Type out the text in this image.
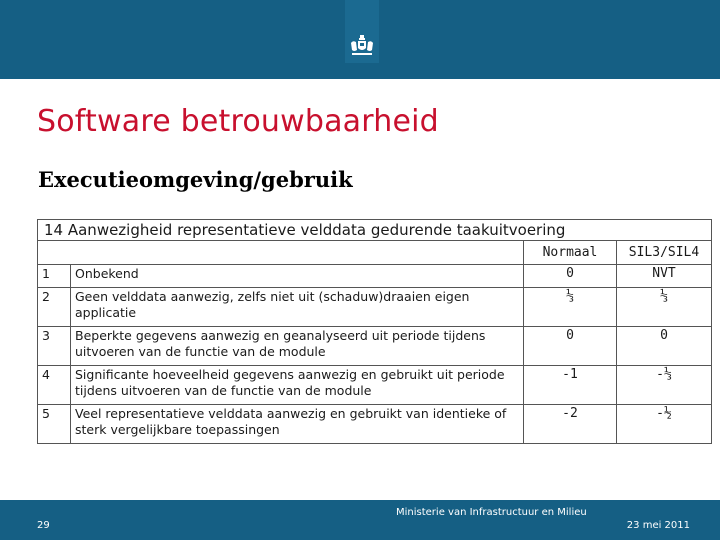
Software betrouwbaarheid
Executieomgeving/gebruik
14 Aanwezigheid representatieve velddata gedurende taakuitvoering			
		Normaal	SIL3/SIL4
1	Onbekend	0	NVT
2	Geen velddata aanwezig, zelfs niet uit (schaduw)draaien eigen applicatie	⅓	⅓
3	Beperkte gegevens aanwezig en geanalyseerd uit periode tijdens uitvoeren van de functie van de module	0	0
4	Significante hoeveelheid gegevens aanwezig en gebruikt uit periode tijdens uitvoeren van de functie van de module	-1	-⅓
5	Veel representatieve velddata aanwezig en gebruikt van identieke of sterk vergelijkbare toepassingen	-2	-½
29
Ministerie van Infrastructuur en Milieu
23 mei 2011
